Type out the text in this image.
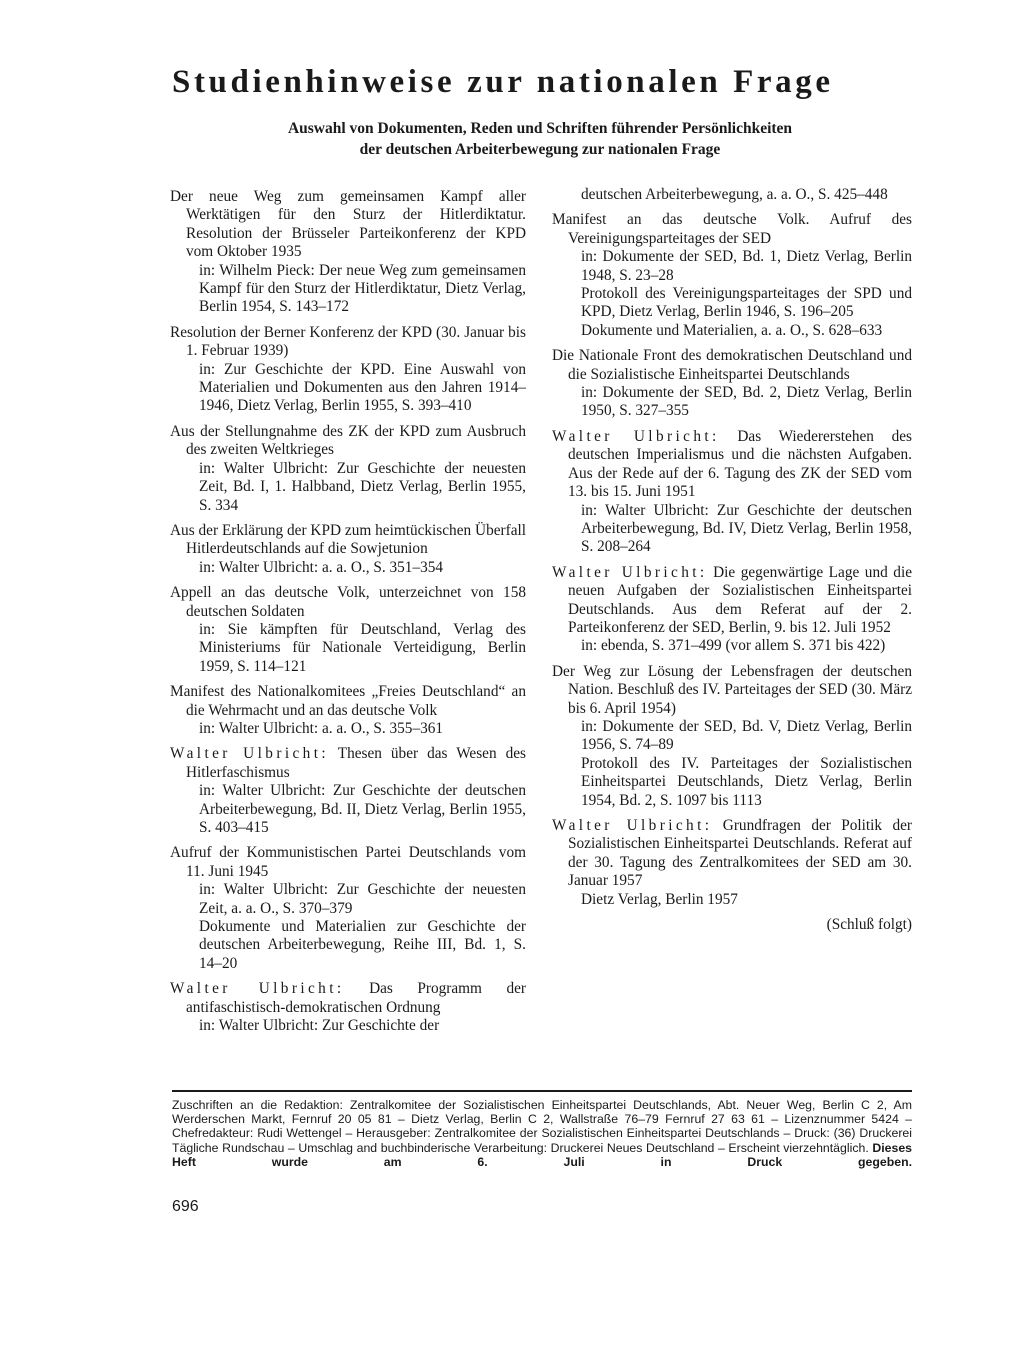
Studienhinweise zur nationalen Frage
Auswahl von Dokumenten, Reden und Schriften führender Persönlichkeiten
der deutschen Arbeiterbewegung zur nationalen Frage
Der neue Weg zum gemeinsamen Kampf aller Werktätigen für den Sturz der Hitlerdiktatur. Resolution der Brüsseler Parteikonferenz der KPD vom Oktober 1935
in: Wilhelm Pieck: Der neue Weg zum gemeinsamen Kampf für den Sturz der Hitlerdiktatur, Dietz Verlag, Berlin 1954, S. 143–172
Resolution der Berner Konferenz der KPD (30. Januar bis 1. Februar 1939)
in: Zur Geschichte der KPD. Eine Auswahl von Materialien und Dokumenten aus den Jahren 1914–1946, Dietz Verlag, Berlin 1955, S. 393–410
Aus der Stellungnahme des ZK der KPD zum Ausbruch des zweiten Weltkrieges
in: Walter Ulbricht: Zur Geschichte der neuesten Zeit, Bd. I, 1. Halbband, Dietz Verlag, Berlin 1955, S. 334
Aus der Erklärung der KPD zum heimtückischen Überfall Hitlerdeutschlands auf die Sowjetunion
in: Walter Ulbricht: a. a. O., S. 351–354
Appell an das deutsche Volk, unterzeichnet von 158 deutschen Soldaten
in: Sie kämpften für Deutschland, Verlag des Ministeriums für Nationale Verteidigung, Berlin 1959, S. 114–121
Manifest des Nationalkomitees „Freies Deutschland“ an die Wehrmacht und an das deutsche Volk
in: Walter Ulbricht: a. a. O., S. 355–361
Walter Ulbricht: Thesen über das Wesen des Hitlerfaschismus
in: Walter Ulbricht: Zur Geschichte der deutschen Arbeiterbewegung, Bd. II, Dietz Verlag, Berlin 1955, S. 403–415
Aufruf der Kommunistischen Partei Deutschlands vom 11. Juni 1945
in: Walter Ulbricht: Zur Geschichte der neuesten Zeit, a. a. O., S. 370–379
Dokumente und Materialien zur Geschichte der deutschen Arbeiterbewegung, Reihe III, Bd. 1, S. 14–20
Walter Ulbricht: Das Programm der antifaschistisch-demokratischen Ordnung
in: Walter Ulbricht: Zur Geschichte der
deutschen Arbeiterbewegung, a. a. O., S. 425–448
Manifest an das deutsche Volk. Aufruf des Vereinigungsparteitages der SED
in: Dokumente der SED, Bd. 1, Dietz Verlag, Berlin 1948, S. 23–28
Protokoll des Vereinigungsparteitages der SPD und KPD, Dietz Verlag, Berlin 1946, S. 196–205
Dokumente und Materialien, a. a. O., S. 628–633
Die Nationale Front des demokratischen Deutschland und die Sozialistische Einheitspartei Deutschlands
in: Dokumente der SED, Bd. 2, Dietz Verlag, Berlin 1950, S. 327–355
Walter Ulbricht: Das Wiedererstehen des deutschen Imperialismus und die nächsten Aufgaben. Aus der Rede auf der 6. Tagung des ZK der SED vom 13. bis 15. Juni 1951
in: Walter Ulbricht: Zur Geschichte der deutschen Arbeiterbewegung, Bd. IV, Dietz Verlag, Berlin 1958, S. 208–264
Walter Ulbricht: Die gegenwärtige Lage und die neuen Aufgaben der Sozialistischen Einheitspartei Deutschlands. Aus dem Referat auf der 2. Parteikonferenz der SED, Berlin, 9. bis 12. Juli 1952
in: ebenda, S. 371–499 (vor allem S. 371 bis 422)
Der Weg zur Lösung der Lebensfragen der deutschen Nation. Beschluß des IV. Parteitages der SED (30. März bis 6. April 1954)
in: Dokumente der SED, Bd. V, Dietz Verlag, Berlin 1956, S. 74–89
Protokoll des IV. Parteitages der Sozialistischen Einheitspartei Deutschlands, Dietz Verlag, Berlin 1954, Bd. 2, S. 1097 bis 1113
Walter Ulbricht: Grundfragen der Politik der Sozialistischen Einheitspartei Deutschlands. Referat auf der 30. Tagung des Zentralkomitees der SED am 30. Januar 1957
Dietz Verlag, Berlin 1957
(Schluß folgt)
Zuschriften an die Redaktion: Zentralkomitee der Sozialistischen Einheitspartei Deutschlands, Abt. Neuer Weg, Berlin C 2, Am Werderschen Markt, Fernruf 20 05 81 – Dietz Verlag, Berlin C 2, Wallstraße 76–79 Fernruf 27 63 61 – Lizenznummer 5424 – Chefredakteur: Rudi Wettengel – Herausgeber: Zentralkomitee der Sozialistischen Einheitspartei Deutschlands – Druck: (36) Druckerei Tägliche Rundschau – Umschlag and buchbinderische Verarbeitung: Druckerei Neues Deutschland – Erscheint vierzehntäglich. Dieses Heft wurde am 6. Juli in Druck gegeben.
696
